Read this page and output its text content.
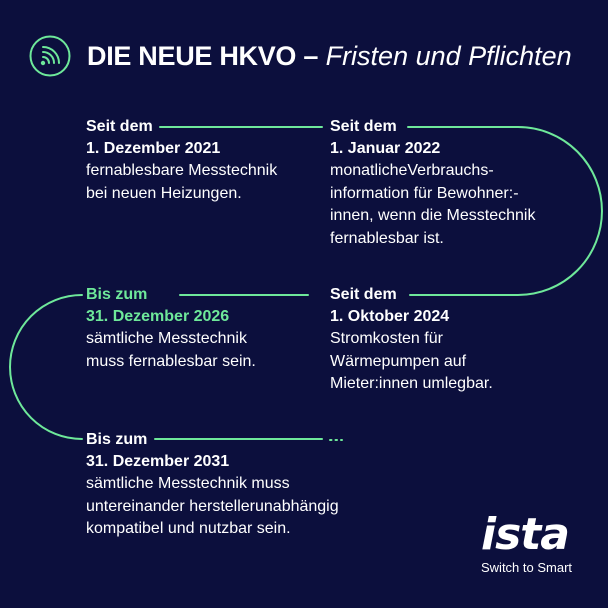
DIE NEUE HKVO – Fristen und Pflichten
Seit dem
1. Dezember 2021
fernablesbare Messtechnik
bei neuen Heizungen.
Seit dem
1. Januar 2022
monatlicheVerbrauchs-
information für Bewohner:-
innen, wenn die Messtechnik
fernablesbar ist.
Seit dem
1. Oktober 2024
Stromkosten für
Wärmepumpen auf
Mieter:innen umlegbar.
Bis zum
31. Dezember 2026
sämtliche Messtechnik
muss fernablesbar sein.
Bis zum
31. Dezember 2031
sämtliche Messtechnik muss
untereinander herstellerunabhängig
kompatibel und nutzbar sein.	ista
Switch to Smart
